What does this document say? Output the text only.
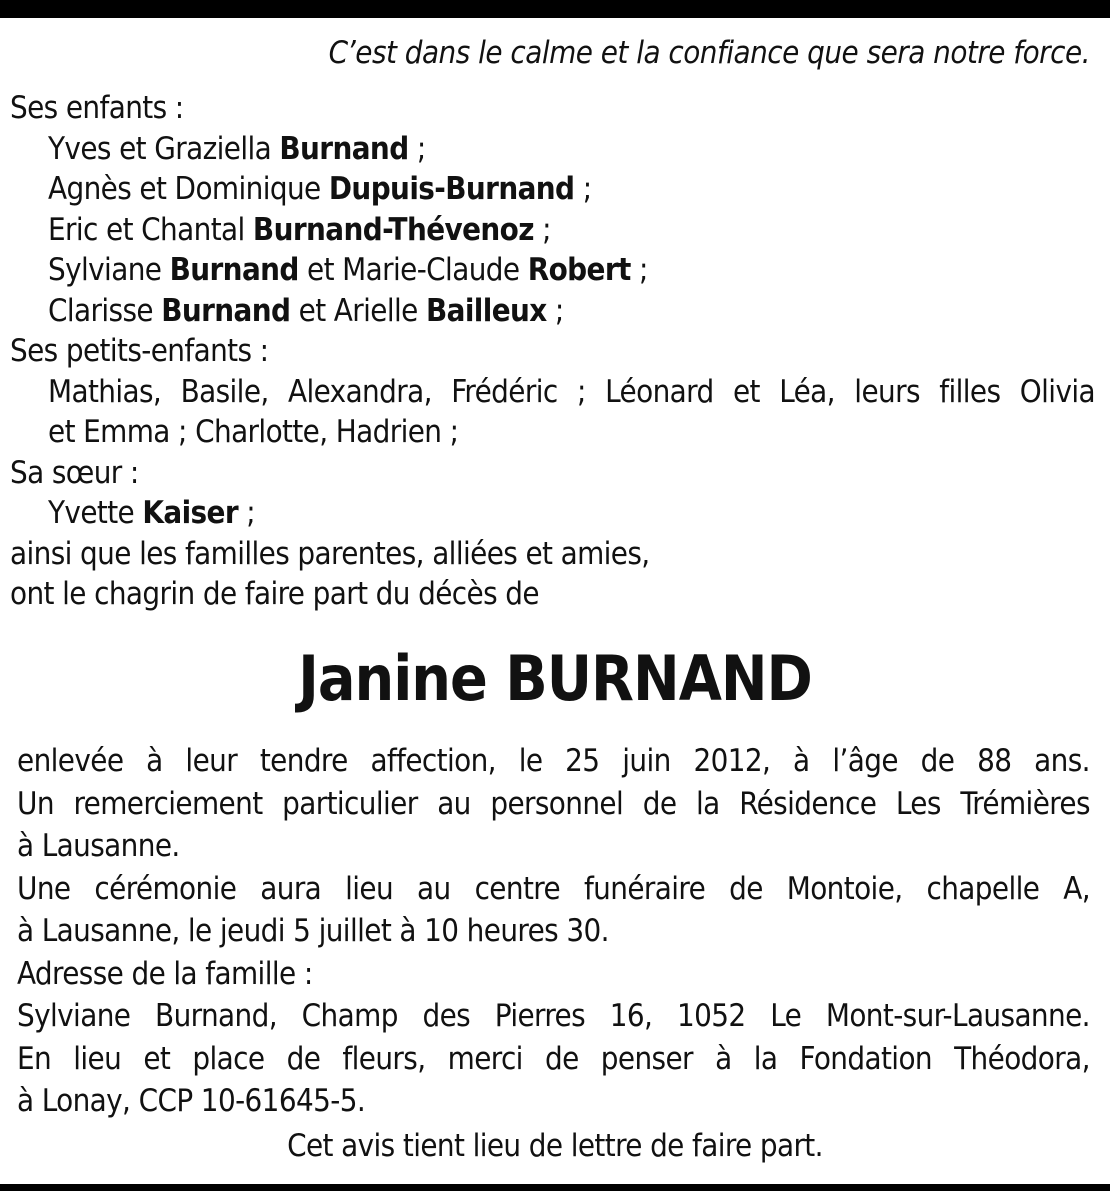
C’est dans le calme et la confiance que sera notre force.
Ses enfants :
Yves et Graziella Burnand ;
Agnès et Dominique Dupuis-Burnand ;
Eric et Chantal Burnand-Thévenoz ;
Sylviane Burnand et Marie-Claude Robert ;
Clarisse Burnand et Arielle Bailleux ;
Ses petits-enfants :
Mathias, Basile, Alexandra, Frédéric ; Léonard et Léa, leurs filles Olivia
et Emma ; Charlotte, Hadrien ;
Sa sœur :
Yvette Kaiser ;
ainsi que les familles parentes, alliées et amies,
ont le chagrin de faire part du décès de
Janine BURNAND
enlevée à leur tendre affection, le 25 juin 2012, à l’âge de 88 ans.
Un remerciement particulier au personnel de la Résidence Les Trémières
à Lausanne.
Une cérémonie aura lieu au centre funéraire de Montoie, chapelle A,
à Lausanne, le jeudi 5 juillet à 10 heures 30.
Adresse de la famille :
Sylviane Burnand, Champ des Pierres 16, 1052 Le Mont-sur-Lausanne.
En lieu et place de fleurs, merci de penser à la Fondation Théodora,
à Lonay, CCP 10-61645-5.
Cet avis tient lieu de lettre de faire part.
